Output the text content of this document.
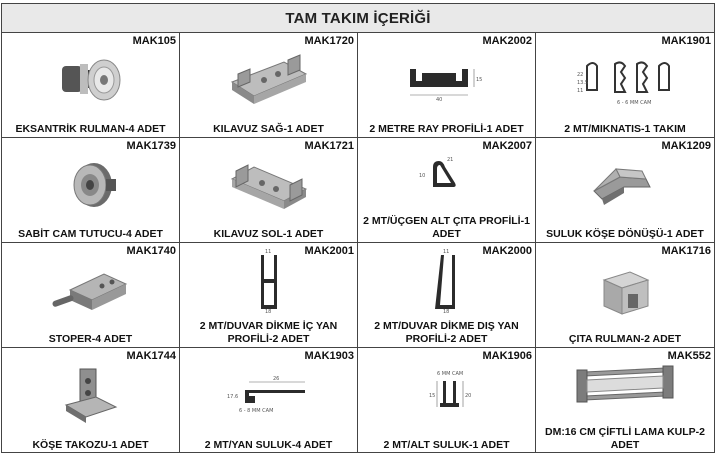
TAM TAKIM İÇERİĞİ
MAK105
EKSANTRİK RULMAN-4 ADET
MAK1720
KILAVUZ SAĞ-1 ADET
MAK2002
40
15
2 METRE RAY PROFİLİ-1 ADET
MAK1901
6 - 6 MM CAM
22
13.5
11
2 MT/MIKNATIS-1 TAKIM
MAK1739
SABİT CAM TUTUCU-4 ADET
MAK1721
KILAVUZ SOL-1 ADET
MAK2007
10
21
2 MT/ÜÇGEN ALT ÇITA PROFİLİ-1 ADET
MAK1209
SULUK KÖŞE DÖNÜŞÜ-1 ADET
MAK1740
STOPER-4 ADET
MAK2001
11
18
2 MT/DUVAR DİKME İÇ YAN PROFİLİ-2 ADET
MAK2000
11
18
2 MT/DUVAR DİKME DIŞ YAN PROFİLİ-2 ADET
MAK1716
ÇITA RULMAN-2 ADET
MAK1744
KÖŞE TAKOZU-1 ADET
MAK1903
26
17.6
6 - 8 MM CAM
2 MT/YAN SULUK-4 ADET
MAK1906
6 MM CAM
15	20
2 MT/ALT SULUK-1 ADET
MAK552
DM:16 CM ÇİFTLİ LAMA KULP-2 ADET
